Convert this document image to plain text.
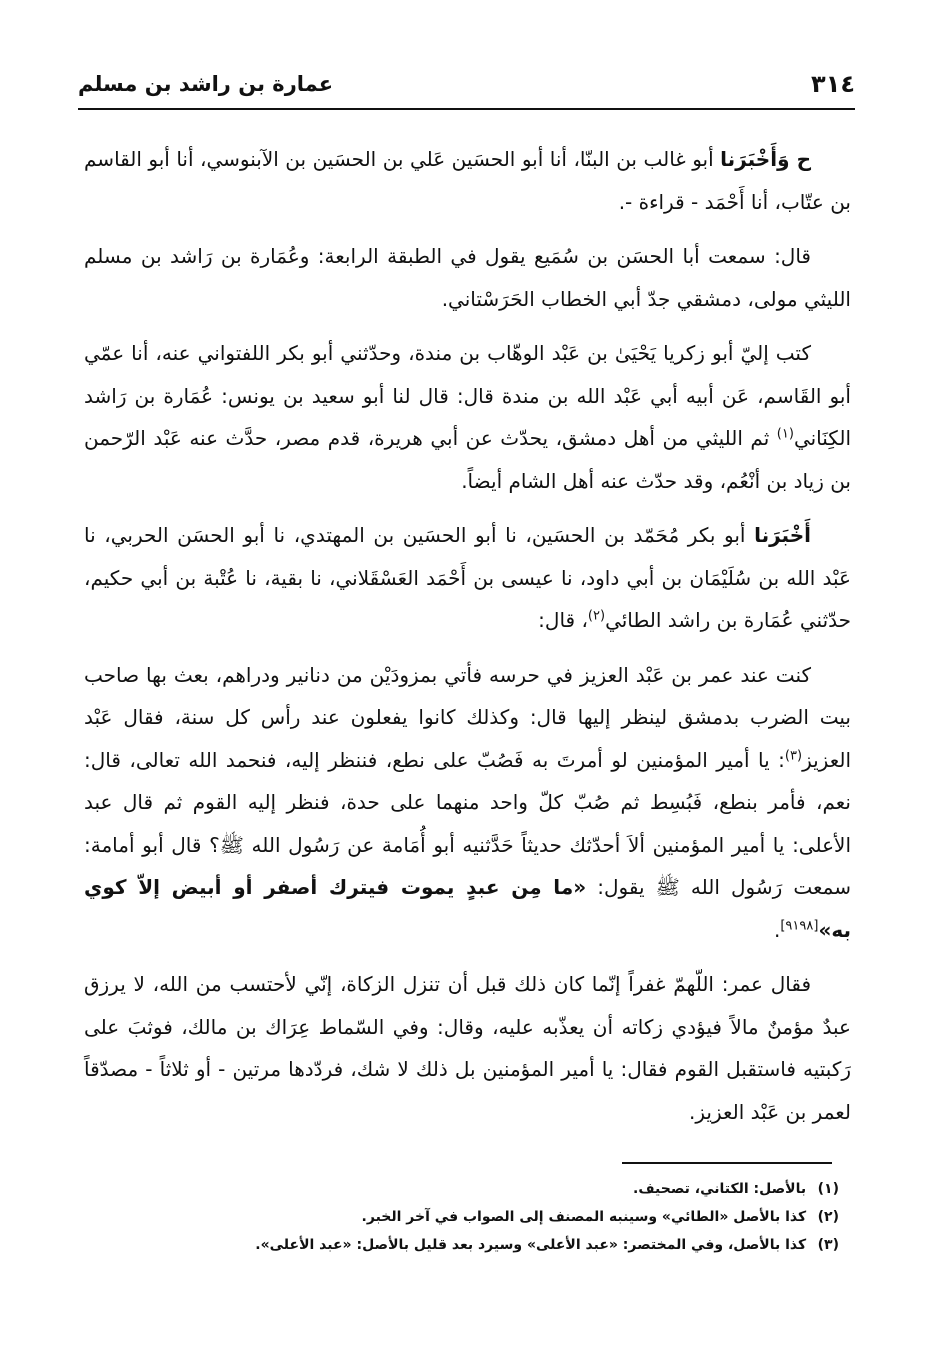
٣١٤
عمارة بن راشد بن مسلم

ح وَأَخْبَرَنا أبو غالب بن البنّا، أنا أبو الحسَين عَلي بن الحسَين بن الآبنوسي، أنا أبو القاسم بن عتّاب، أنا أَحْمَد - قراءة -.

قال: سمعت أبا الحسَن بن سُمَيع يقول في الطبقة الرابعة: وعُمَارة بن رَاشد بن مسلم الليثي مولى، دمشقي جدّ أبي الخطاب الحَرَسْتاني.

كتب إليّ أبو زكريا يَحْيَىٰ بن عَبْد الوهّاب بن مندة، وحدّثني أبو بكر اللفتواني عنه، أنا عمّي أبو القَاسم، عَن أبيه أبي عَبْد الله بن مندة قال: قال لنا أبو سعيد بن يونس: عُمَارة بن رَاشد الكِنَاني$^{(١)}$ ثم الليثي من أهل دمشق، يحدّث عن أبي هريرة، قدم مصر، حدَّث عنه عَبْد الرّحمن بن زياد بن أنْعُم، وقد حدّث عنه أهل الشام أيضاً.

أَخْبَرَنا أبو بكر مُحَمّد بن الحسَين، نا أبو الحسَين بن المهتدي، نا أبو الحسَن الحربي، نا عَبْد الله بن سُلَيْمَان بن أبي داود، نا عيسى بن أَحْمَد العَسْقَلاني، نا بقية، نا عُتْبة بن أبي حكيم، حدّثني عُمَارة بن راشد الطائي$^{(٢)}$، قال:

كنت عند عمر بن عَبْد العزيز في حرسه فأتي بمزودَيْن من دنانير ودراهم، بعث بها صاحب بيت الضرب بدمشق لينظر إليها قال: وكذلك كانوا يفعلون عند رأس كل سنة، فقال عَبْد العزيز$^{(٣)}$: يا أمير المؤمنين لو أمرتَ به فَصُبّ على نطع، فننظر إليه، فنحمد الله تعالى، قال: نعم، فأمر بنطع، فَبُسِط ثم صُبّ كلّ واحد منهما على حدة، فنظر إليه القوم ثم قال عبد الأعلى: يا أمير المؤمنين ألاَ أحدّثك حديثاً حَدَّثنيه أبو أُمَامة عن رَسُول الله ﷺ؟ قال أبو أمامة: سمعت رَسُول الله ﷺ يقول: «ما مِن عبدٍ يموت فيترك أصفر أو أبيض إلاّ كوي به»[٩١٩٨].

فقال عمر: اللّهمّ غفراً إنّما كان ذلك قبل أن تنزل الزكاة، إنّي لأحتسب من الله، لا يرزق عبدٌ مؤمنٌ مالاً فيؤدي زكاته أن يعذّبه عليه، وقال: وفي السّماط عِرَاك بن مالك، فوثبَ على رَكبتيه فاستقبل القوم فقال: يا أمير المؤمنين بل ذلك لا شك، فردّدها مرتين - أو ثلاثاً - مصدّقاً لعمر بن عَبْد العزيز.

(١) بالأصل: الكتاني، تصحيف.
(٢) كذا بالأصل «الطائي» وسينبه المصنف إلى الصواب في آخر الخبر.
(٣) كذا بالأصل، وفي المختصر: «عبد الأعلى» وسيرد بعد قليل بالأصل: «عبد الأعلى».
